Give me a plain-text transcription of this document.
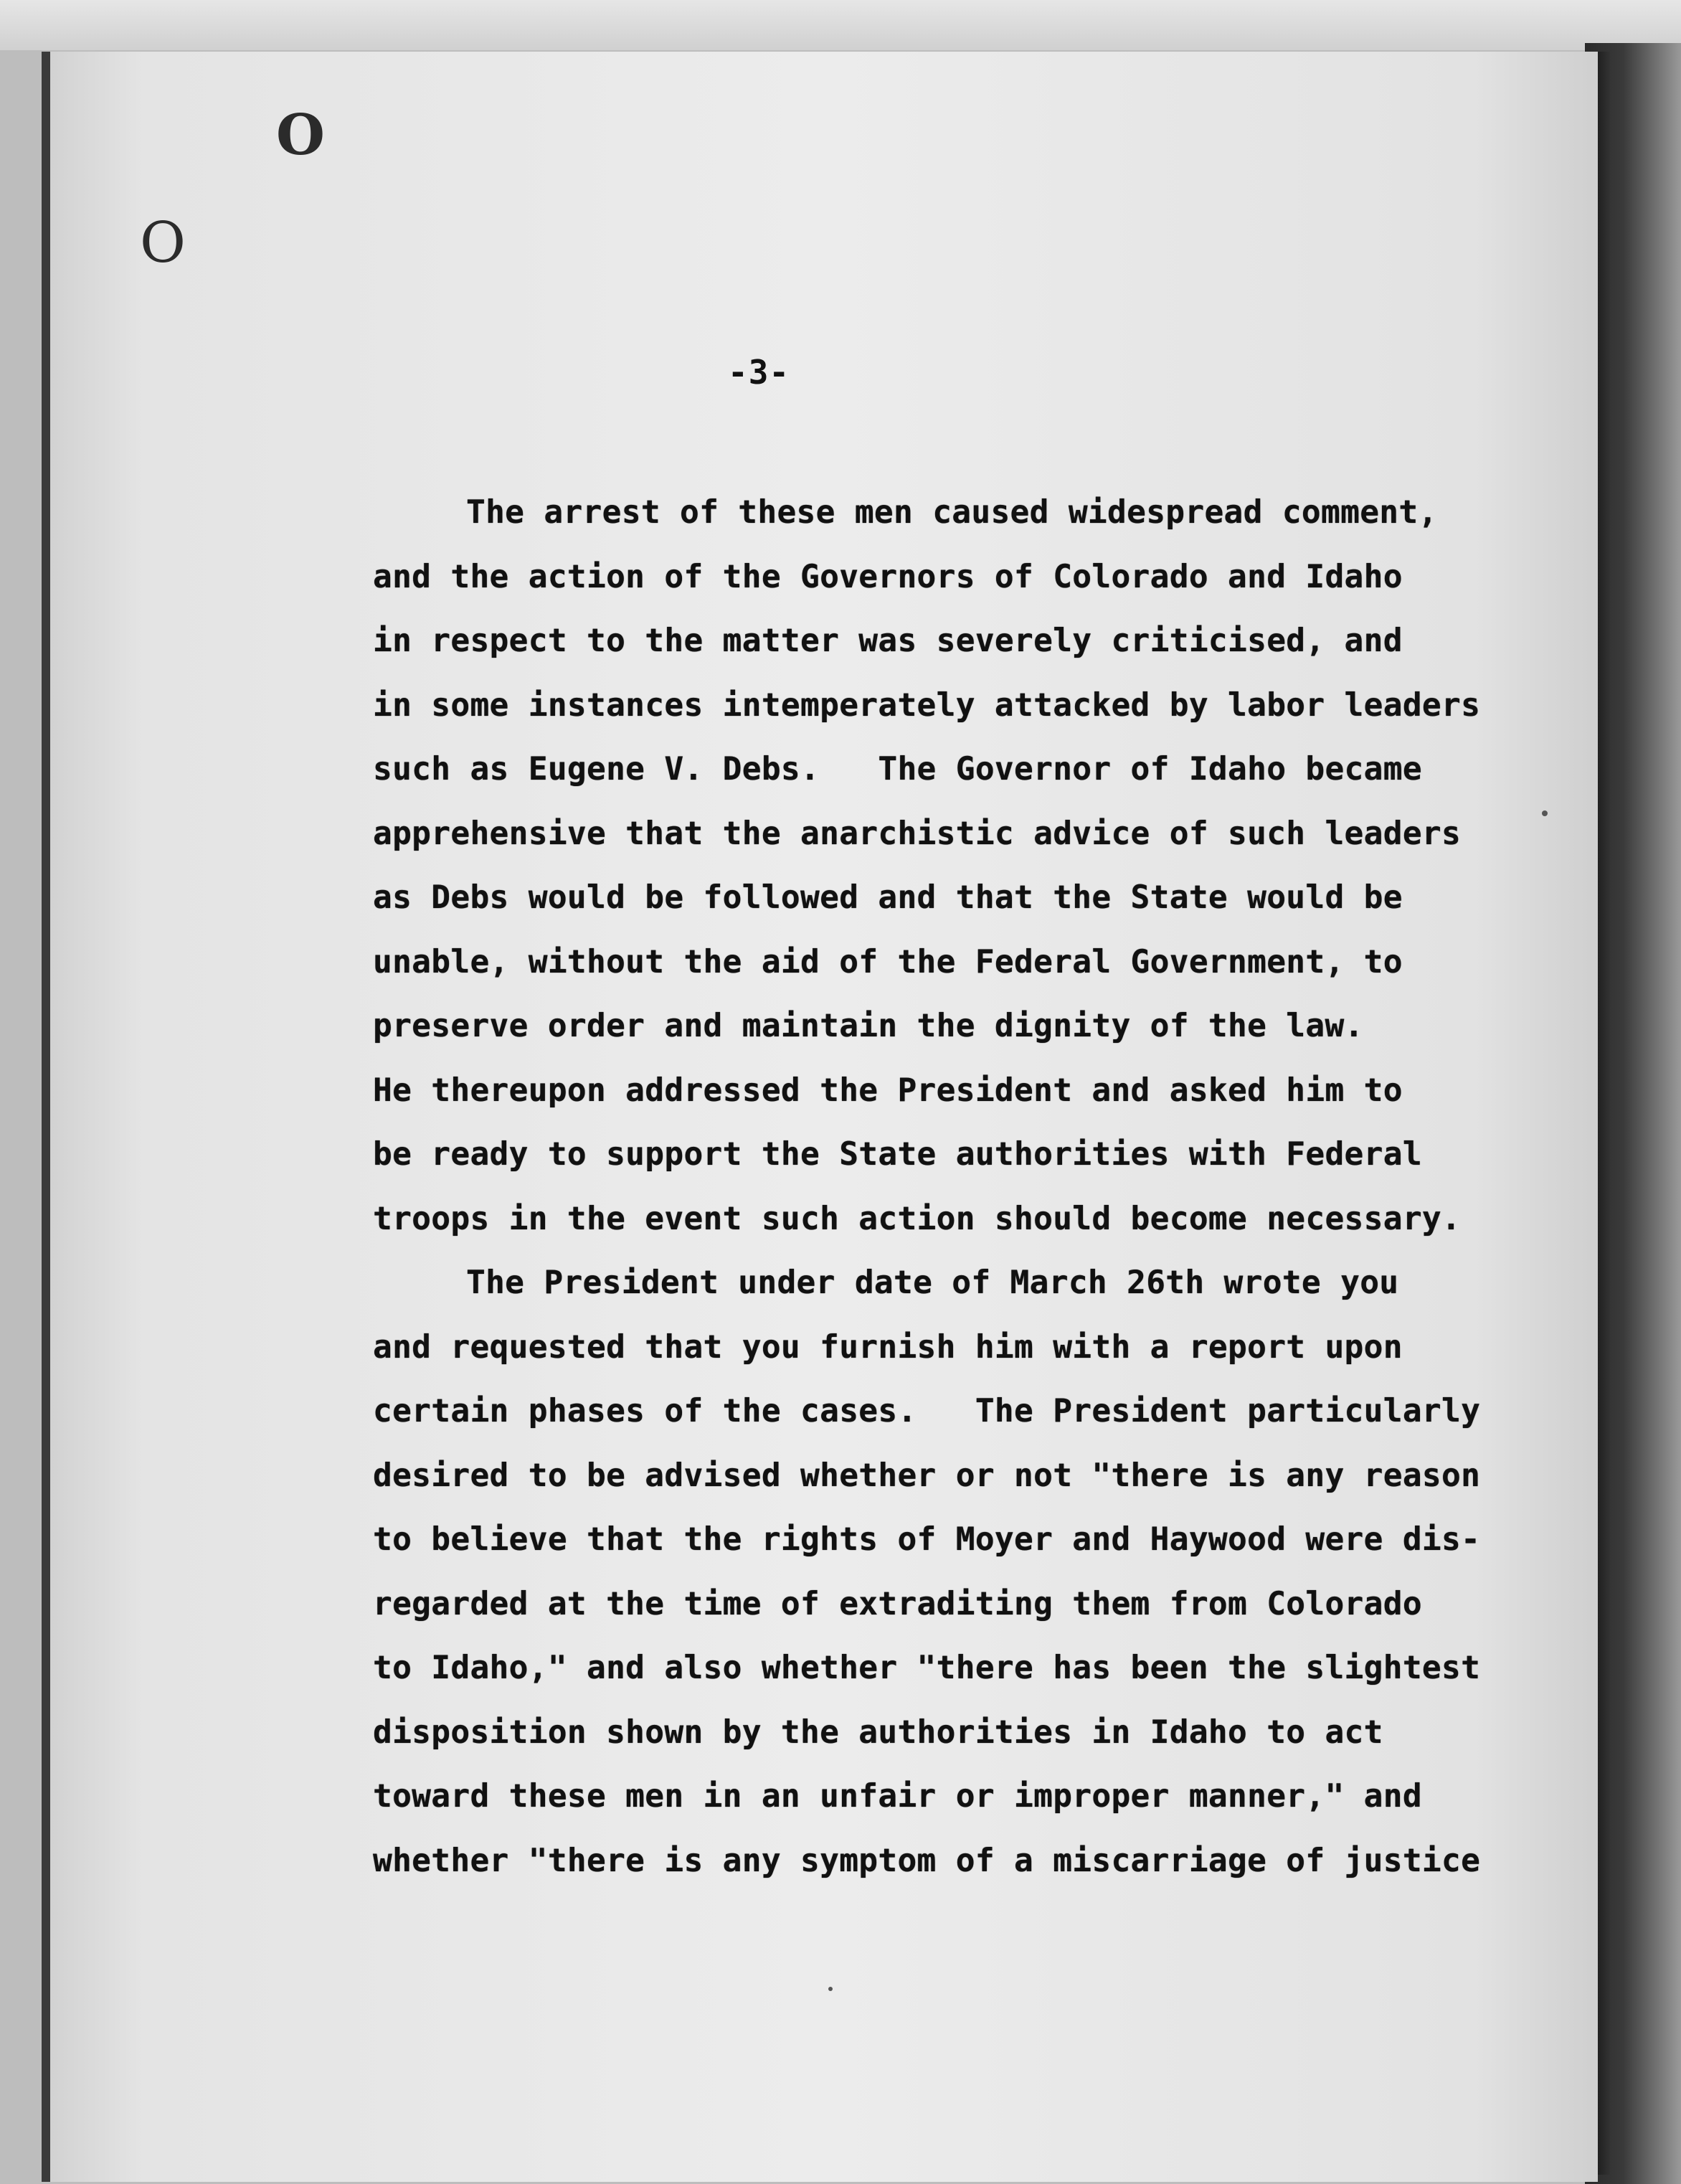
O
O
-3-
The arrest of these men caused widespread comment,
and the action of the Governors of Colorado and Idaho
in respect to the matter was severely criticised, and
in some instances intemperately attacked by labor leaders
such as Eugene V. Debs.   The Governor of Idaho became
apprehensive that the anarchistic advice of such leaders
as Debs would be followed and that the State would be
unable, without the aid of the Federal Government, to
preserve order and maintain the dignity of the law.
He thereupon addressed the President and asked him to
be ready to support the State authorities with Federal
troops in the event such action should become necessary.
The President under date of March 26th wrote you
and requested that you furnish him with a report upon
certain phases of the cases.   The President particularly
desired to be advised whether or not "there is any reason
to believe that the rights of Moyer and Haywood were dis-
regarded at the time of extraditing them from Colorado
to Idaho," and also whether "there has been the slightest
disposition shown by the authorities in Idaho to act
toward these men in an unfair or improper manner," and
whether "there is any symptom of a miscarriage of justice
